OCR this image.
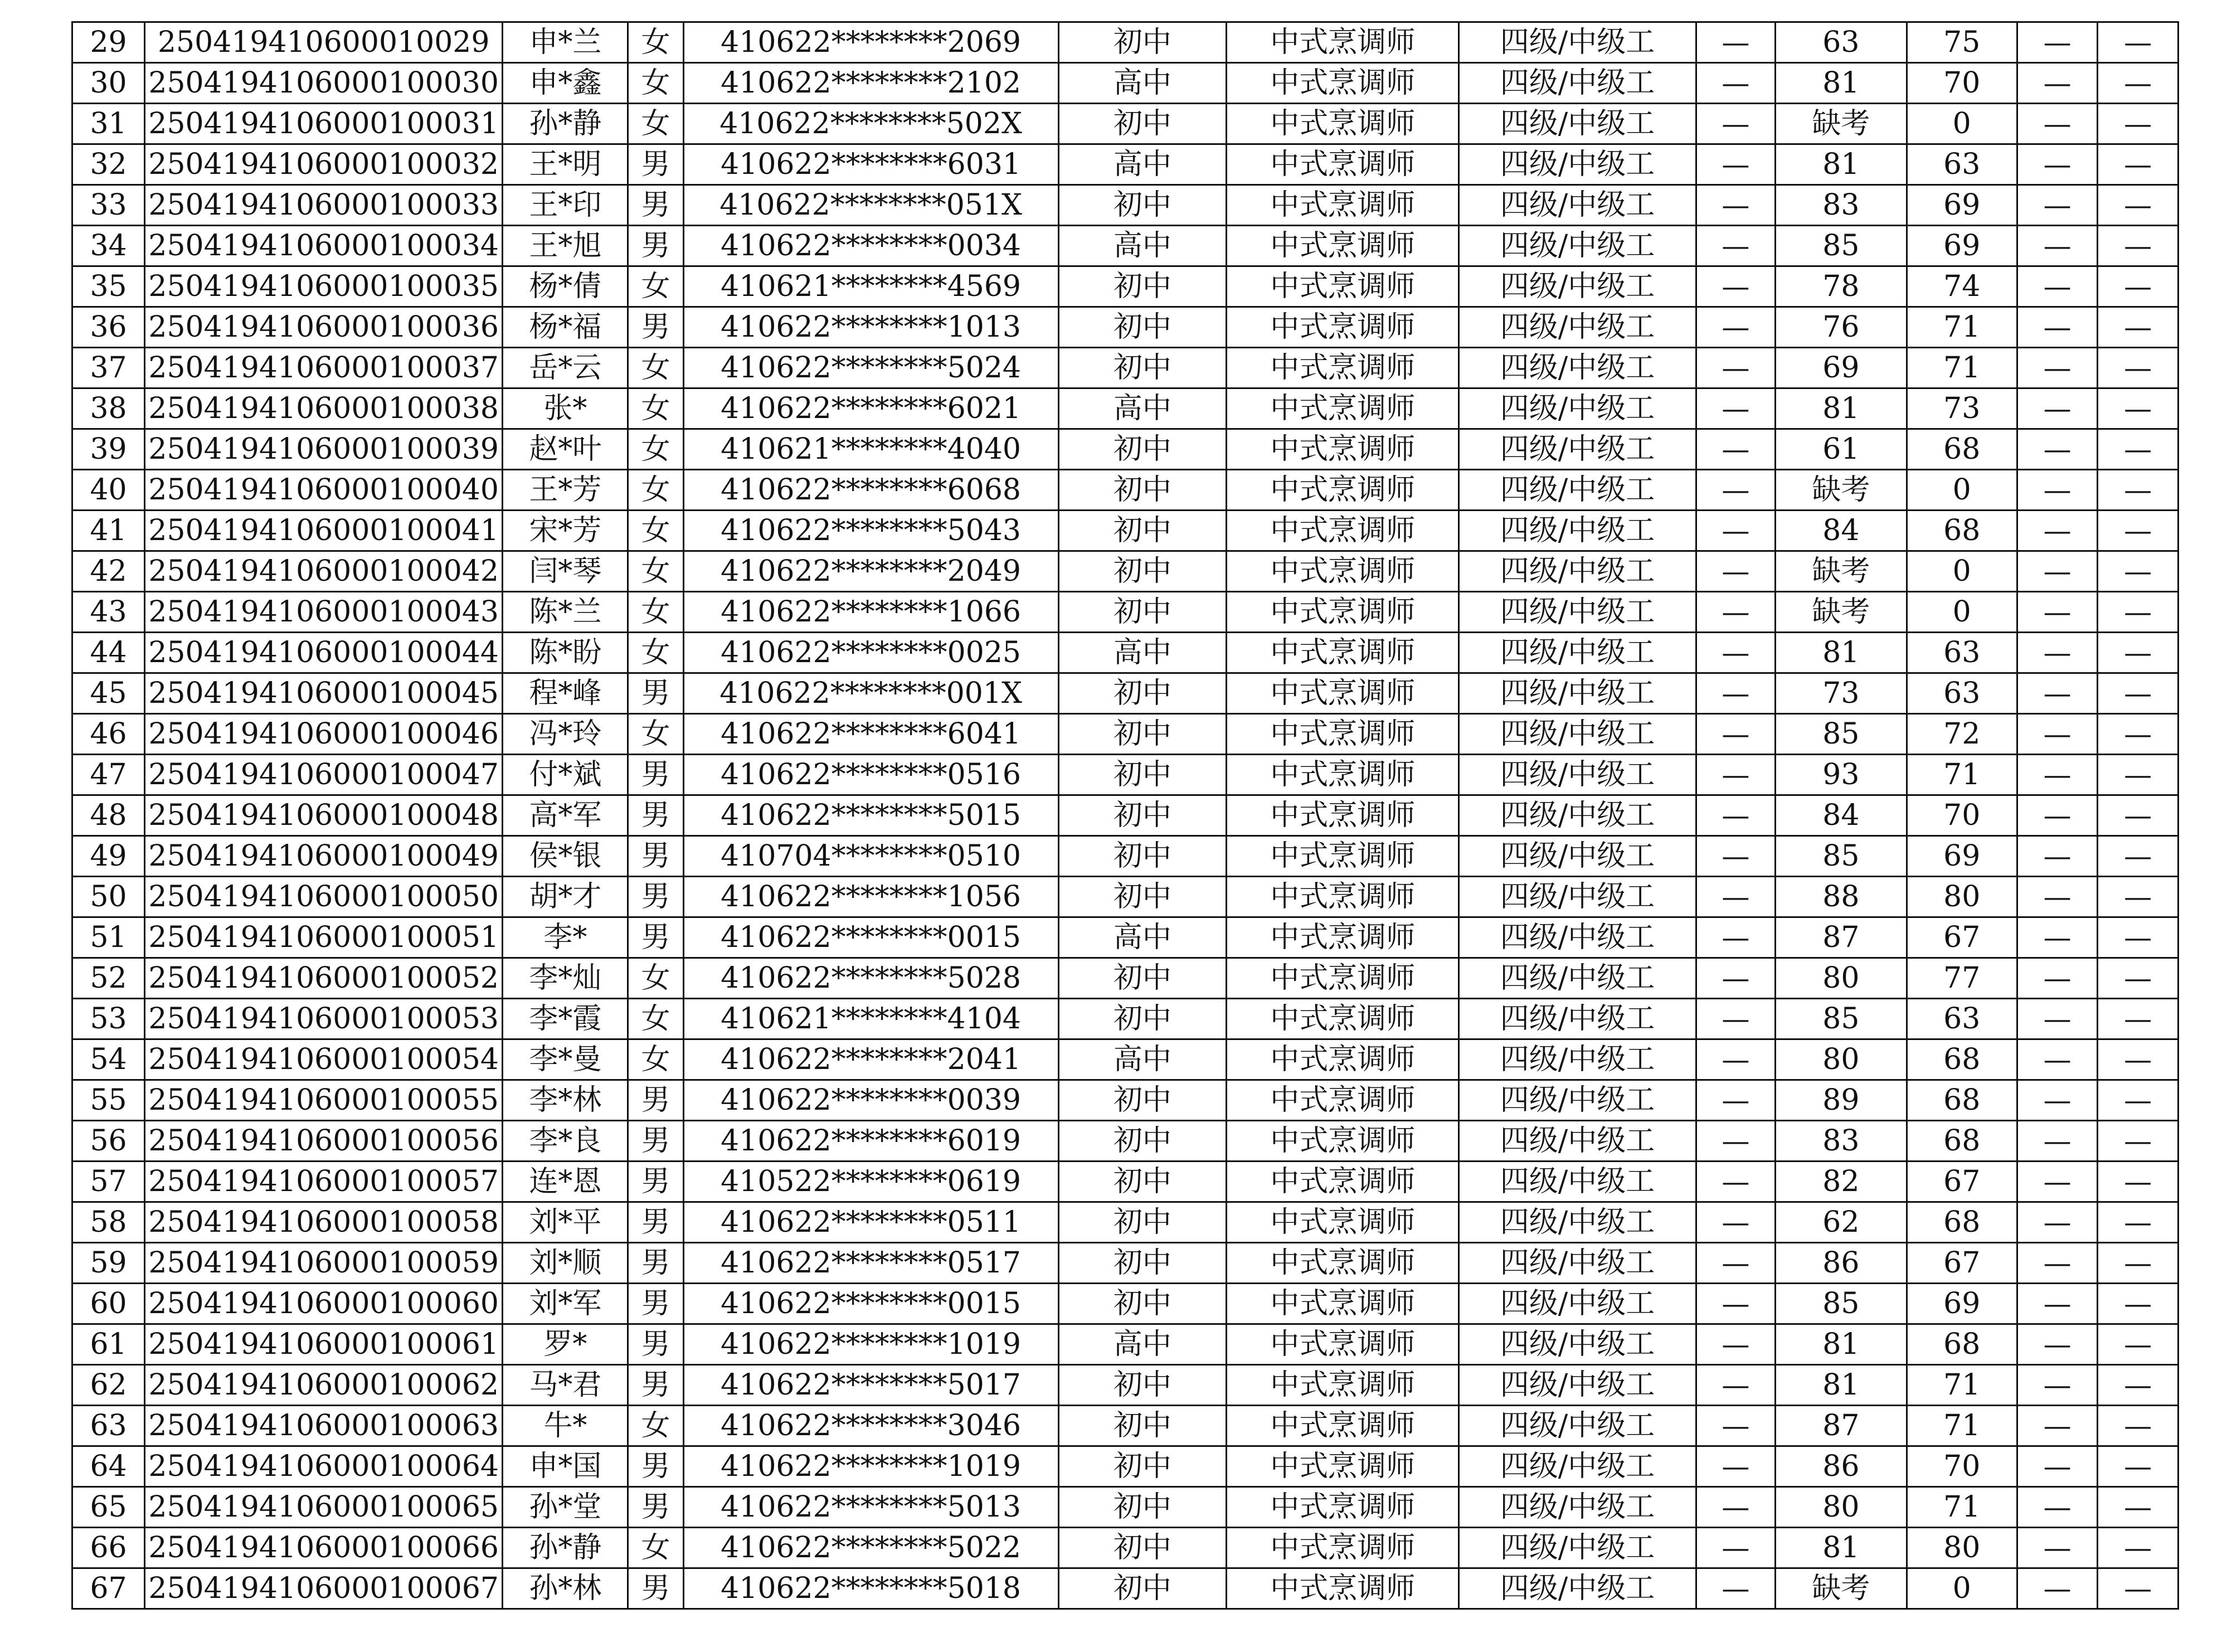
29	250419410600010029	申*兰	女	410622********2069	初中	中式烹调师	四级/中级工	—	63	75	—	—
30	2504194106000100030	申*鑫	女	410622********2102	高中	中式烹调师	四级/中级工	—	81	70	—	—
31	2504194106000100031	孙*静	女	410622********502X	初中	中式烹调师	四级/中级工	—	缺考	0	—	—
32	2504194106000100032	王*明	男	410622********6031	高中	中式烹调师	四级/中级工	—	81	63	—	—
33	2504194106000100033	王*印	男	410622********051X	初中	中式烹调师	四级/中级工	—	83	69	—	—
34	2504194106000100034	王*旭	男	410622********0034	高中	中式烹调师	四级/中级工	—	85	69	—	—
35	2504194106000100035	杨*倩	女	410621********4569	初中	中式烹调师	四级/中级工	—	78	74	—	—
36	2504194106000100036	杨*福	男	410622********1013	初中	中式烹调师	四级/中级工	—	76	71	—	—
37	2504194106000100037	岳*云	女	410622********5024	初中	中式烹调师	四级/中级工	—	69	71	—	—
38	2504194106000100038	张*	女	410622********6021	高中	中式烹调师	四级/中级工	—	81	73	—	—
39	2504194106000100039	赵*叶	女	410621********4040	初中	中式烹调师	四级/中级工	—	61	68	—	—
40	2504194106000100040	王*芳	女	410622********6068	初中	中式烹调师	四级/中级工	—	缺考	0	—	—
41	2504194106000100041	宋*芳	女	410622********5043	初中	中式烹调师	四级/中级工	—	84	68	—	—
42	2504194106000100042	闫*琴	女	410622********2049	初中	中式烹调师	四级/中级工	—	缺考	0	—	—
43	2504194106000100043	陈*兰	女	410622********1066	初中	中式烹调师	四级/中级工	—	缺考	0	—	—
44	2504194106000100044	陈*盼	女	410622********0025	高中	中式烹调师	四级/中级工	—	81	63	—	—
45	2504194106000100045	程*峰	男	410622********001X	初中	中式烹调师	四级/中级工	—	73	63	—	—
46	2504194106000100046	冯*玲	女	410622********6041	初中	中式烹调师	四级/中级工	—	85	72	—	—
47	2504194106000100047	付*斌	男	410622********0516	初中	中式烹调师	四级/中级工	—	93	71	—	—
48	2504194106000100048	高*军	男	410622********5015	初中	中式烹调师	四级/中级工	—	84	70	—	—
49	2504194106000100049	侯*银	男	410704********0510	初中	中式烹调师	四级/中级工	—	85	69	—	—
50	2504194106000100050	胡*才	男	410622********1056	初中	中式烹调师	四级/中级工	—	88	80	—	—
51	2504194106000100051	李*	男	410622********0015	高中	中式烹调师	四级/中级工	—	87	67	—	—
52	2504194106000100052	李*灿	女	410622********5028	初中	中式烹调师	四级/中级工	—	80	77	—	—
53	2504194106000100053	李*霞	女	410621********4104	初中	中式烹调师	四级/中级工	—	85	63	—	—
54	2504194106000100054	李*曼	女	410622********2041	高中	中式烹调师	四级/中级工	—	80	68	—	—
55	2504194106000100055	李*林	男	410622********0039	初中	中式烹调师	四级/中级工	—	89	68	—	—
56	2504194106000100056	李*良	男	410622********6019	初中	中式烹调师	四级/中级工	—	83	68	—	—
57	2504194106000100057	连*恩	男	410522********0619	初中	中式烹调师	四级/中级工	—	82	67	—	—
58	2504194106000100058	刘*平	男	410622********0511	初中	中式烹调师	四级/中级工	—	62	68	—	—
59	2504194106000100059	刘*顺	男	410622********0517	初中	中式烹调师	四级/中级工	—	86	67	—	—
60	2504194106000100060	刘*军	男	410622********0015	初中	中式烹调师	四级/中级工	—	85	69	—	—
61	2504194106000100061	罗*	男	410622********1019	高中	中式烹调师	四级/中级工	—	81	68	—	—
62	2504194106000100062	马*君	男	410622********5017	初中	中式烹调师	四级/中级工	—	81	71	—	—
63	2504194106000100063	牛*	女	410622********3046	初中	中式烹调师	四级/中级工	—	87	71	—	—
64	2504194106000100064	申*国	男	410622********1019	初中	中式烹调师	四级/中级工	—	86	70	—	—
65	2504194106000100065	孙*堂	男	410622********5013	初中	中式烹调师	四级/中级工	—	80	71	—	—
66	2504194106000100066	孙*静	女	410622********5022	初中	中式烹调师	四级/中级工	—	81	80	—	—
67	2504194106000100067	孙*林	男	410622********5018	初中	中式烹调师	四级/中级工	—	缺考	0	—	—
